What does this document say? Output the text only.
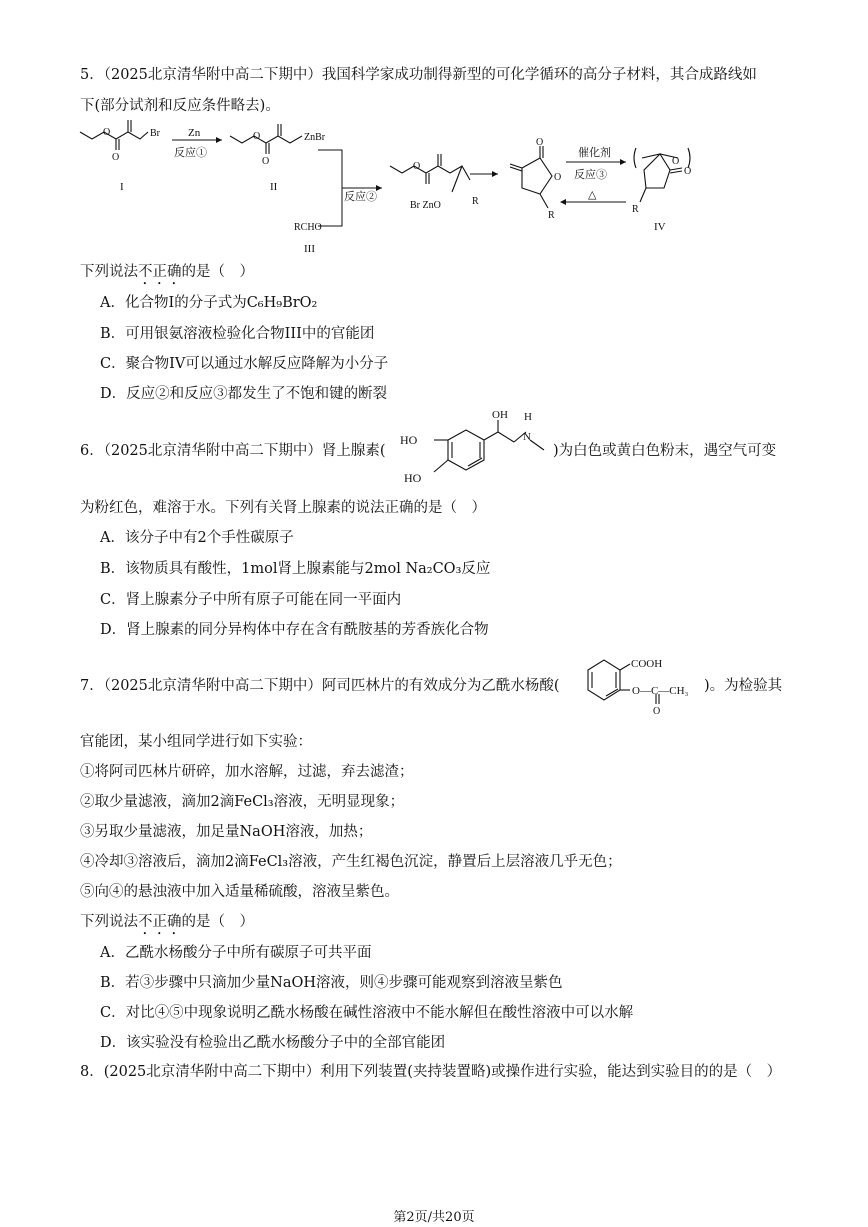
5．（2025北京清华附中高二下期中）我国科学家成功制得新型的可化学循环的高分子材料，其合成路线如
下(部分试剂和反应条件略去)。
O
O
Br
I
Zn
反应①
O
O
ZnBr
II
RCHO
III
反应②
O
Br ZnO	R
O
O
R
催化剂
反应③
△
O
O
R
IV
下列说法不正确的是（　）
A．化合物I的分子式为C₆H₉BrO₂
B．可用银氨溶液检验化合物III中的官能团
C．聚合物IV可以通过水解反应降解为小分子
D．反应②和反应③都发生了不饱和键的断裂
6．（2025北京清华附中高二下期中）肾上腺素(
OH H
N
HO
HO
)为白色或黄白色粉末，遇空气可变
为粉红色，难溶于水。下列有关肾上腺素的说法正确的是（　）
A．该分子中有2个手性碳原子
B．该物质具有酸性，1mol肾上腺素能与2mol Na₂CO₃反应
C．肾上腺素分子中所有原子可能在同一平面内
D．肾上腺素的同分异构体中存在含有酰胺基的芳香族化合物
7．（2025北京清华附中高二下期中）阿司匹林片的有效成分为乙酰水杨酸(
COOH
O—C—CH₃
O
)。为检验其
官能团，某小组同学进行如下实验：
①将阿司匹林片研碎，加水溶解，过滤，弃去滤渣；
②取少量滤液，滴加2滴FeCl₃溶液，无明显现象；
③另取少量滤液，加足量NaOH溶液，加热；
④冷却③溶液后，滴加2滴FeCl₃溶液，产生红褐色沉淀，静置后上层溶液几乎无色；
⑤向④的悬浊液中加入适量稀硫酸，溶液呈紫色。
下列说法不正确的是（　）
A．乙酰水杨酸分子中所有碳原子可共平面
B．若③步骤中只滴加少量NaOH溶液，则④步骤可能观察到溶液呈紫色
C．对比④⑤中现象说明乙酰水杨酸在碱性溶液中不能水解但在酸性溶液中可以水解
D．该实验没有检验出乙酰水杨酸分子中的全部官能团
8．(2025北京清华附中高二下期中）利用下列装置(夹持装置略)或操作进行实验，能达到实验目的的是（　）
第2页/共20页
